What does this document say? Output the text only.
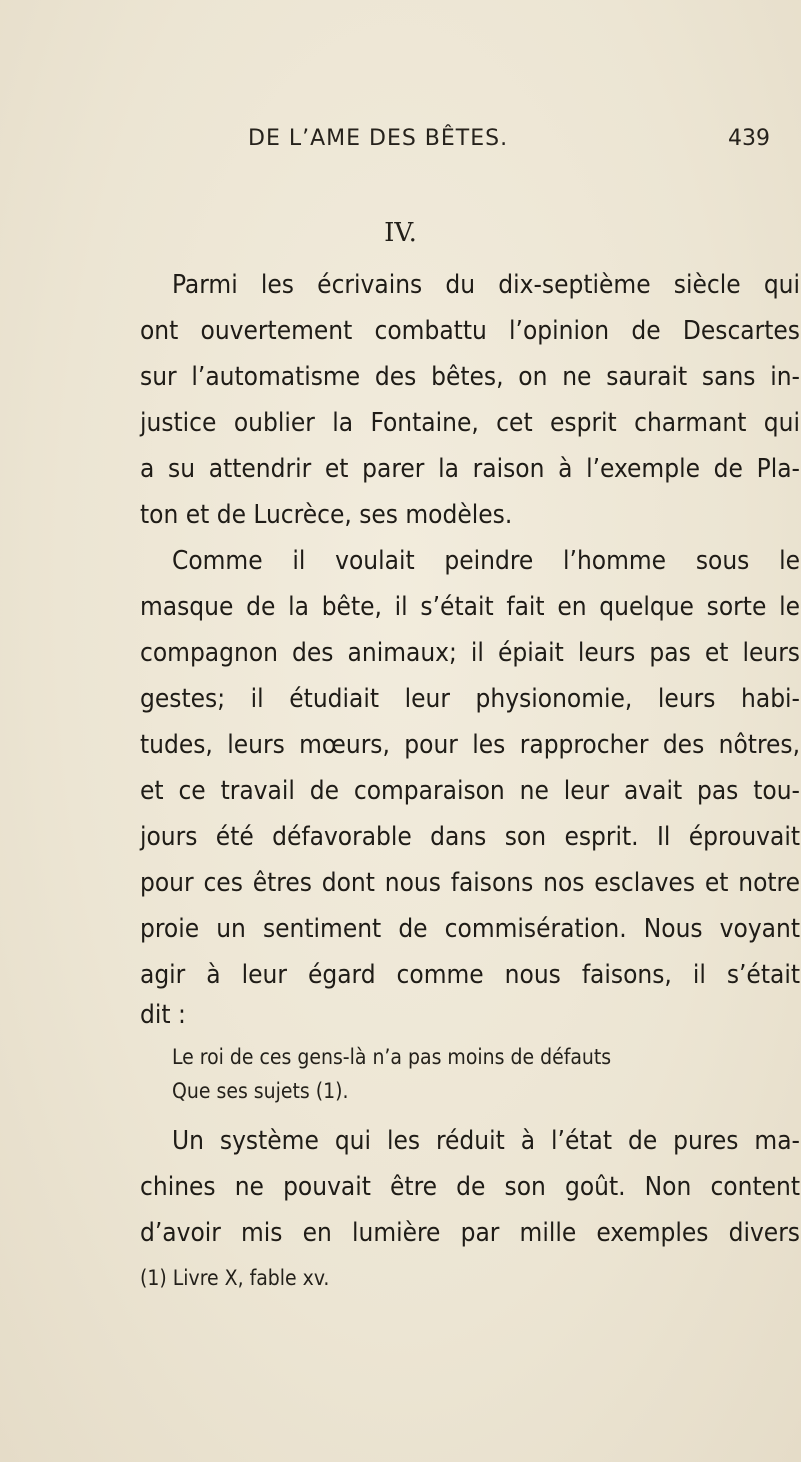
DE L’AME DES BÊTES.	439
IV.
Parmi les écrivains du dix-septième siècle qui
ont ouvertement combattu l’opinion de Descartes
sur l’automatisme des bêtes, on ne saurait sans in-
justice oublier la Fontaine, cet esprit charmant qui
a su attendrir et parer la raison à l’exemple de Pla-
ton et de Lucrèce, ses modèles.
Comme il voulait peindre l’homme sous le
masque de la bête, il s’était fait en quelque sorte le
compagnon des animaux; il épiait leurs pas et leurs
gestes; il étudiait leur physionomie, leurs habi-
tudes, leurs mœurs, pour les rapprocher des nôtres,
et ce travail de comparaison ne leur avait pas tou-
jours été défavorable dans son esprit. Il éprouvait
pour ces êtres dont nous faisons nos esclaves et notre
proie un sentiment de commisération. Nous voyant
agir à leur égard comme nous faisons, il s’était
dit :
Le roi de ces gens-là n’a pas moins de défauts
Que ses sujets (1).
Un système qui les réduit à l’état de pures ma-
chines ne pouvait être de son goût. Non content
d’avoir mis en lumière par mille exemples divers
(1) Livre X, fable xv.
